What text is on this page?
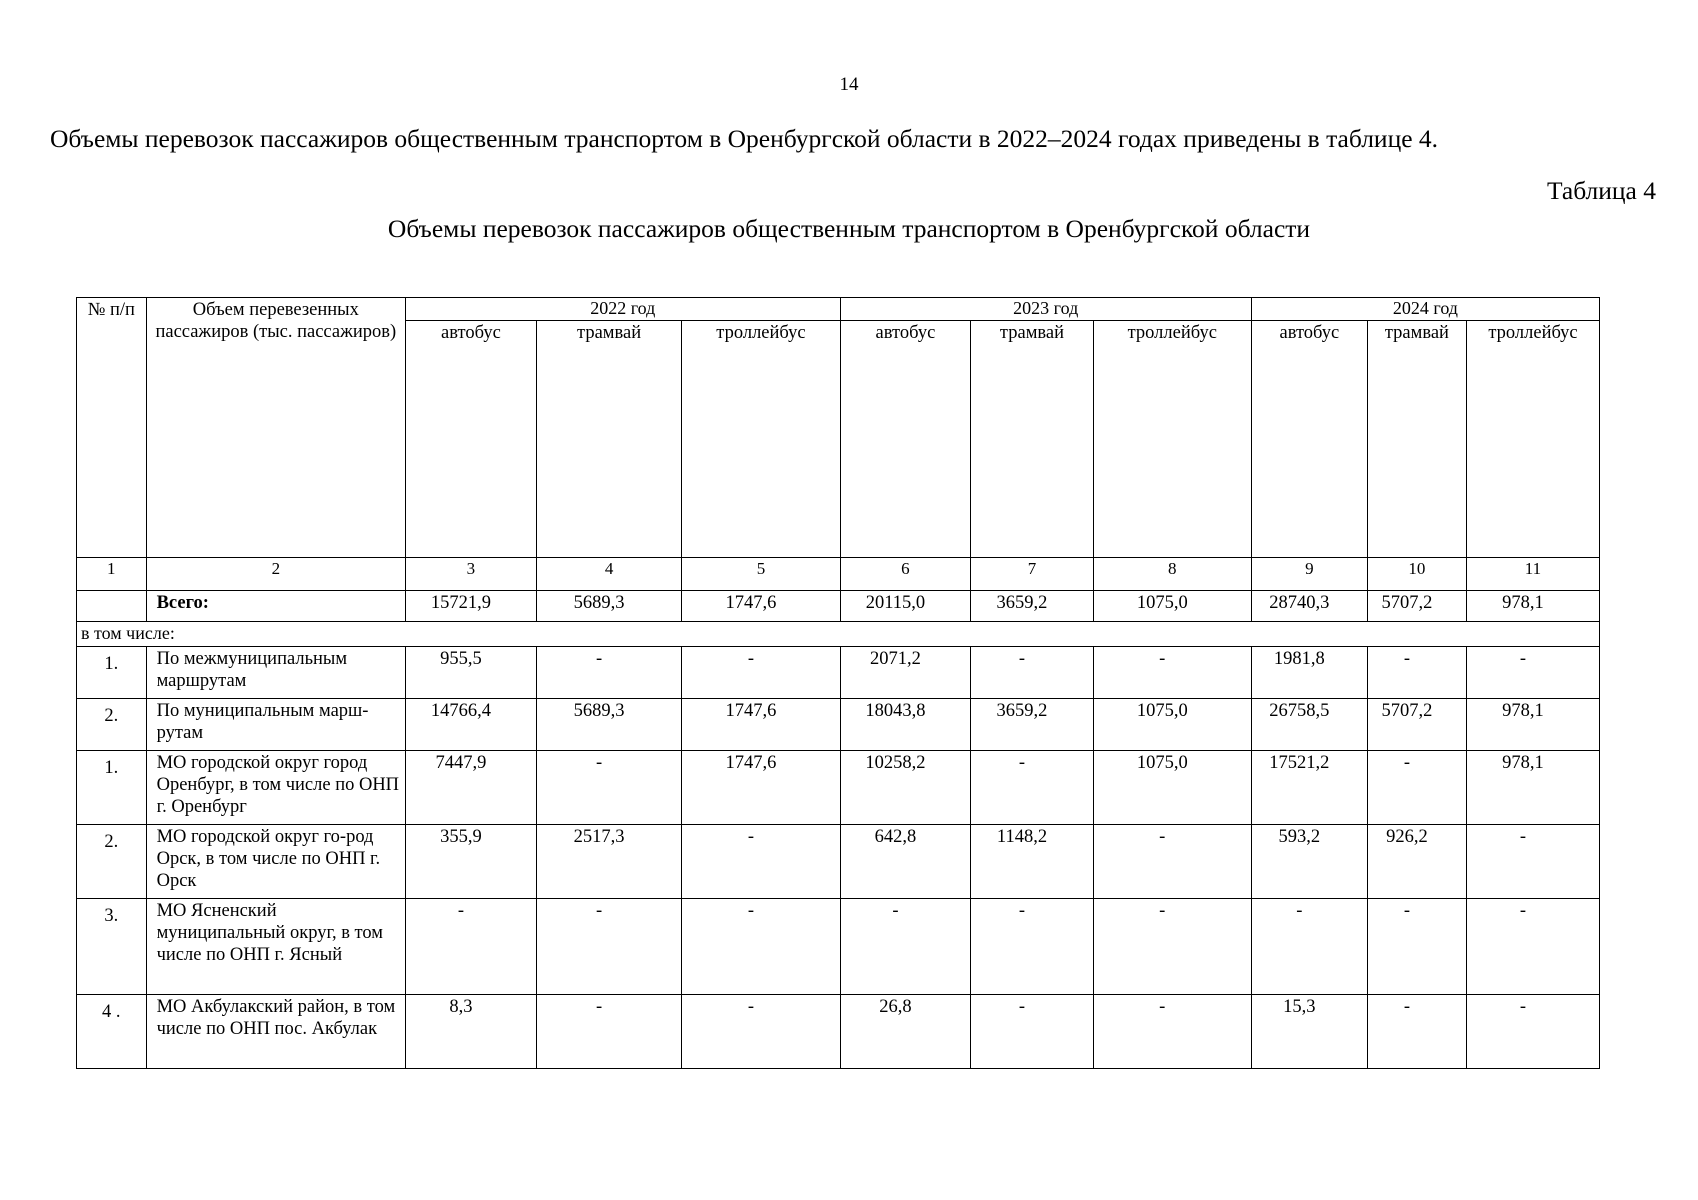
14
Объемы перевозок пассажиров общественным транспортом в Оренбургской области в 2022–2024 годах приведены в таблице 4.
Таблица 4
Объемы перевозок пассажиров общественным транспортом в Оренбургской области
№ п/п	Объем перевезенных пассажиров (тыс. пассажиров)	2022 год			2023 год			2024 год		
		автобус	трамвай	троллейбус	автобус	трамвай	троллейбус	автобус	трамвай	троллейбус
1	2	3	4	5	6	7	8	9	10	11
	Всего:	15721,9	5689,3	1747,6	20115,0	3659,2	1075,0	28740,3	5707,2	978,1
в том числе:										
1.	По межмуниципальным маршрутам	955,5	-	-	2071,2	-	-	1981,8	-	-
2.	По муниципальным марш-рутам	14766,4	5689,3	1747,6	18043,8	3659,2	1075,0	26758,5	5707,2	978,1
1.	МО городской округ город Оренбург, в том числе по ОНП г. Оренбург	7447,9	-	1747,6	10258,2	-	1075,0	17521,2	-	978,1
2.	МО городской округ го-род Орск, в том числе по ОНП г. Орск	355,9	2517,3	-	642,8	1148,2	-	593,2	926,2	-
3.	МО Ясненский муниципальный округ, в том числе по ОНП г. Ясный	-	-	-	-	-	-	-	-	-
4 .	МО Акбулакский район, в том числе по ОНП пос. Акбулак	8,3	-	-	26,8	-	-	15,3	-	-
